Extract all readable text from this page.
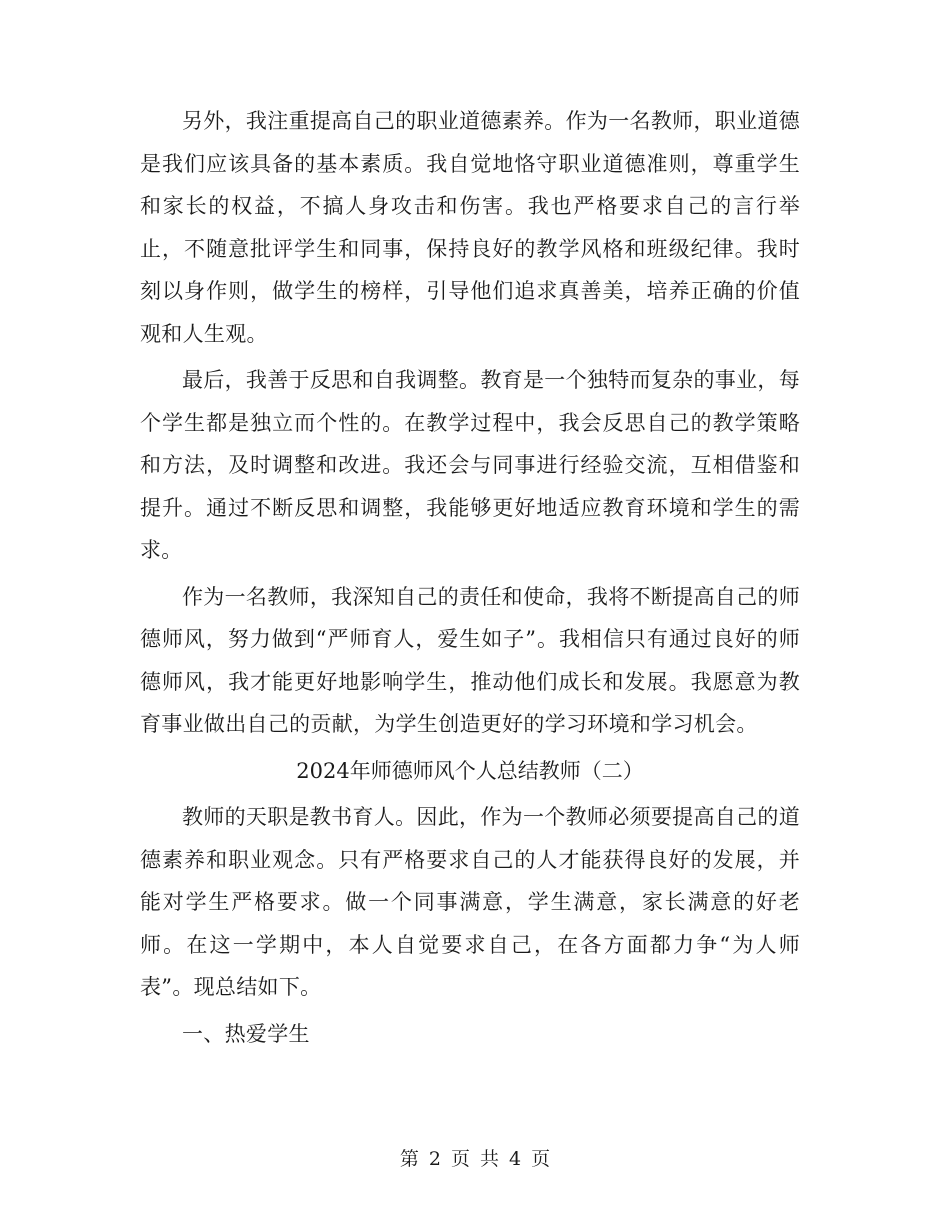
另外，我注重提高自己的职业道德素养。作为一名教师，职业道德是我们应该具备的基本素质。我自觉地恪守职业道德准则，尊重学生和家长的权益，不搞人身攻击和伤害。我也严格要求自己的言行举止，不随意批评学生和同事，保持良好的教学风格和班级纪律。我时刻以身作则，做学生的榜样，引导他们追求真善美，培养正确的价值观和人生观。

最后，我善于反思和自我调整。教育是一个独特而复杂的事业，每个学生都是独立而个性的。在教学过程中，我会反思自己的教学策略和方法，及时调整和改进。我还会与同事进行经验交流，互相借鉴和提升。通过不断反思和调整，我能够更好地适应教育环境和学生的需求。

作为一名教师，我深知自己的责任和使命，我将不断提高自己的师德师风，努力做到“严师育人，爱生如子”。我相信只有通过良好的师德师风，我才能更好地影响学生，推动他们成长和发展。我愿意为教育事业做出自己的贡献，为学生创造更好的学习环境和学习机会。

2024年师德师风个人总结教师（二）

教师的天职是教书育人。因此，作为一个教师必须要提高自己的道德素养和职业观念。只有严格要求自己的人才能获得良好的发展，并能对学生严格要求。做一个同事满意，学生满意，家长满意的好老师。在这一学期中，本人自觉要求自己，在各方面都力争“为人师表”。现总结如下。

一、热爱学生

第 2 页 共 4 页
